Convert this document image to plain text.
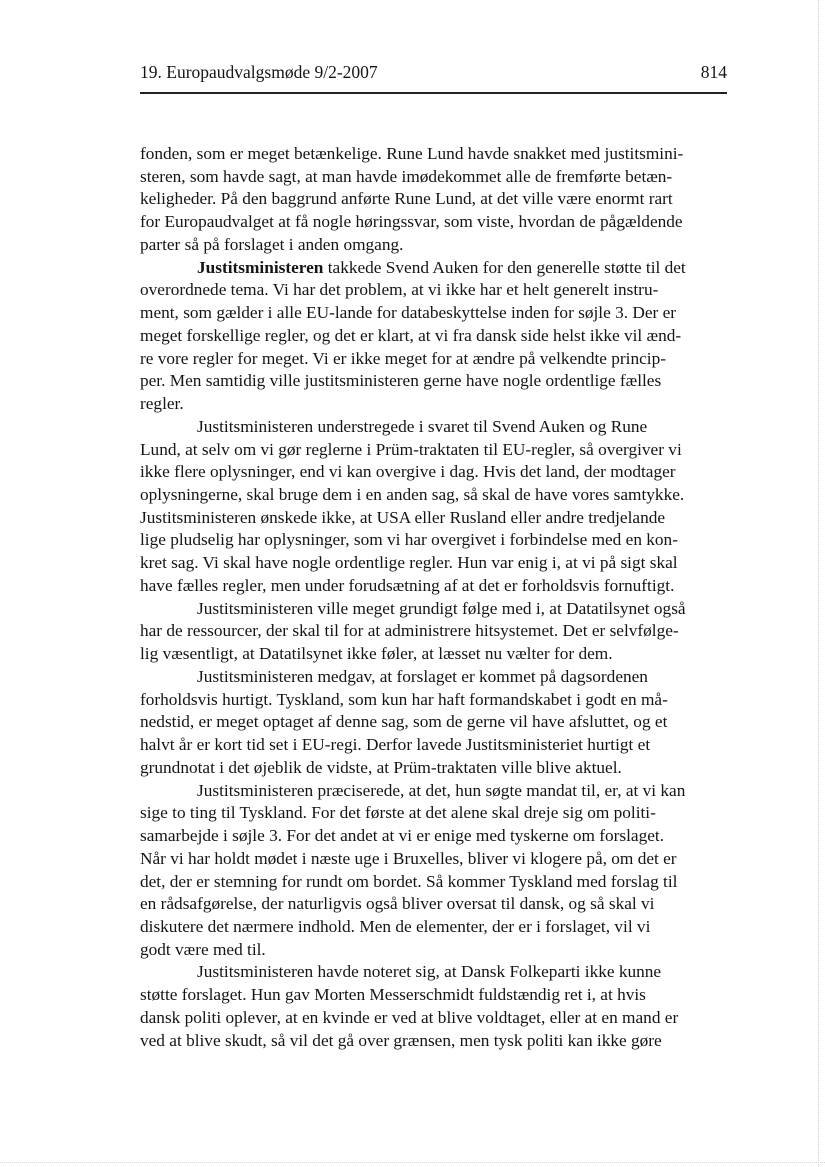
19. Europaudvalgsmøde 9/2-2007	814
fonden, som er meget betænkelige. Rune Lund havde snakket med justitsmini-
steren, som havde sagt, at man havde imødekommet alle de fremførte betæn-
keligheder. På den baggrund anførte Rune Lund, at det ville være enormt rart
for Europaudvalget at få nogle høringssvar, som viste, hvordan de pågældende
parter så på forslaget i anden omgang.
Justitsministeren takkede Svend Auken for den generelle støtte til det
overordnede tema. Vi har det problem, at vi ikke har et helt generelt instru-
ment, som gælder i alle EU-lande for databeskyttelse inden for søjle 3. Der er
meget forskellige regler, og det er klart, at vi fra dansk side helst ikke vil ænd-
re vore regler for meget. Vi er ikke meget for at ændre på velkendte princip-
per. Men samtidig ville justitsministeren gerne have nogle ordentlige fælles
regler.
Justitsministeren understregede i svaret til Svend Auken og Rune
Lund, at selv om vi gør reglerne i Prüm-traktaten til EU-regler, så overgiver vi
ikke flere oplysninger, end vi kan overgive i dag. Hvis det land, der modtager
oplysningerne, skal bruge dem i en anden sag, så skal de have vores samtykke.
Justitsministeren ønskede ikke, at USA eller Rusland eller andre tredjelande
lige pludselig har oplysninger, som vi har overgivet i forbindelse med en kon-
kret sag. Vi skal have nogle ordentlige regler. Hun var enig i, at vi på sigt skal
have fælles regler, men under forudsætning af at det er forholdsvis fornuftigt.
Justitsministeren ville meget grundigt følge med i, at Datatilsynet også
har de ressourcer, der skal til for at administrere hitsystemet. Det er selvfølge-
lig væsentligt, at Datatilsynet ikke føler, at læsset nu vælter for dem.
Justitsministeren medgav, at forslaget er kommet på dagsordenen
forholdsvis hurtigt. Tyskland, som kun har haft formandskabet i godt en må-
nedstid, er meget optaget af denne sag, som de gerne vil have afsluttet, og et
halvt år er kort tid set i EU-regi. Derfor lavede Justitsministeriet hurtigt et
grundnotat i det øjeblik de vidste, at Prüm-traktaten ville blive aktuel.
Justitsministeren præciserede, at det, hun søgte mandat til, er, at vi kan
sige to ting til Tyskland. For det første at det alene skal dreje sig om politi-
samarbejde i søjle 3. For det andet at vi er enige med tyskerne om forslaget.
Når vi har holdt mødet i næste uge i Bruxelles, bliver vi klogere på, om det er
det, der er stemning for rundt om bordet. Så kommer Tyskland med forslag til
en rådsafgørelse, der naturligvis også bliver oversat til dansk, og så skal vi
diskutere det nærmere indhold. Men de elementer, der er i forslaget, vil vi
godt være med til.
Justitsministeren havde noteret sig, at Dansk Folkeparti ikke kunne
støtte forslaget. Hun gav Morten Messerschmidt fuldstændig ret i, at hvis
dansk politi oplever, at en kvinde er ved at blive voldtaget, eller at en mand er
ved at blive skudt, så vil det gå over grænsen, men tysk politi kan ikke gøre
